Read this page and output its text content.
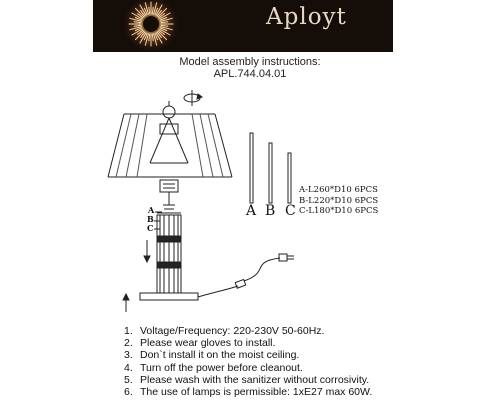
Aployt
Model assembly instructions:
APL.744.04.01
A
B
C
A B C
A-L260*D10 6PCS
B-L220*D10 6PCS
C-L180*D10 6PCS
1. Voltage/Frequency: 220-230V 50-60Hz.
2. Please wear gloves to install.
3. Don`t install it on the moist ceiling.
4. Turn off the power before cleanout.
5. Please wash with the sanitizer without corrosivity.
6. The use of lamps is permissible: 1хE27 max 60W.
